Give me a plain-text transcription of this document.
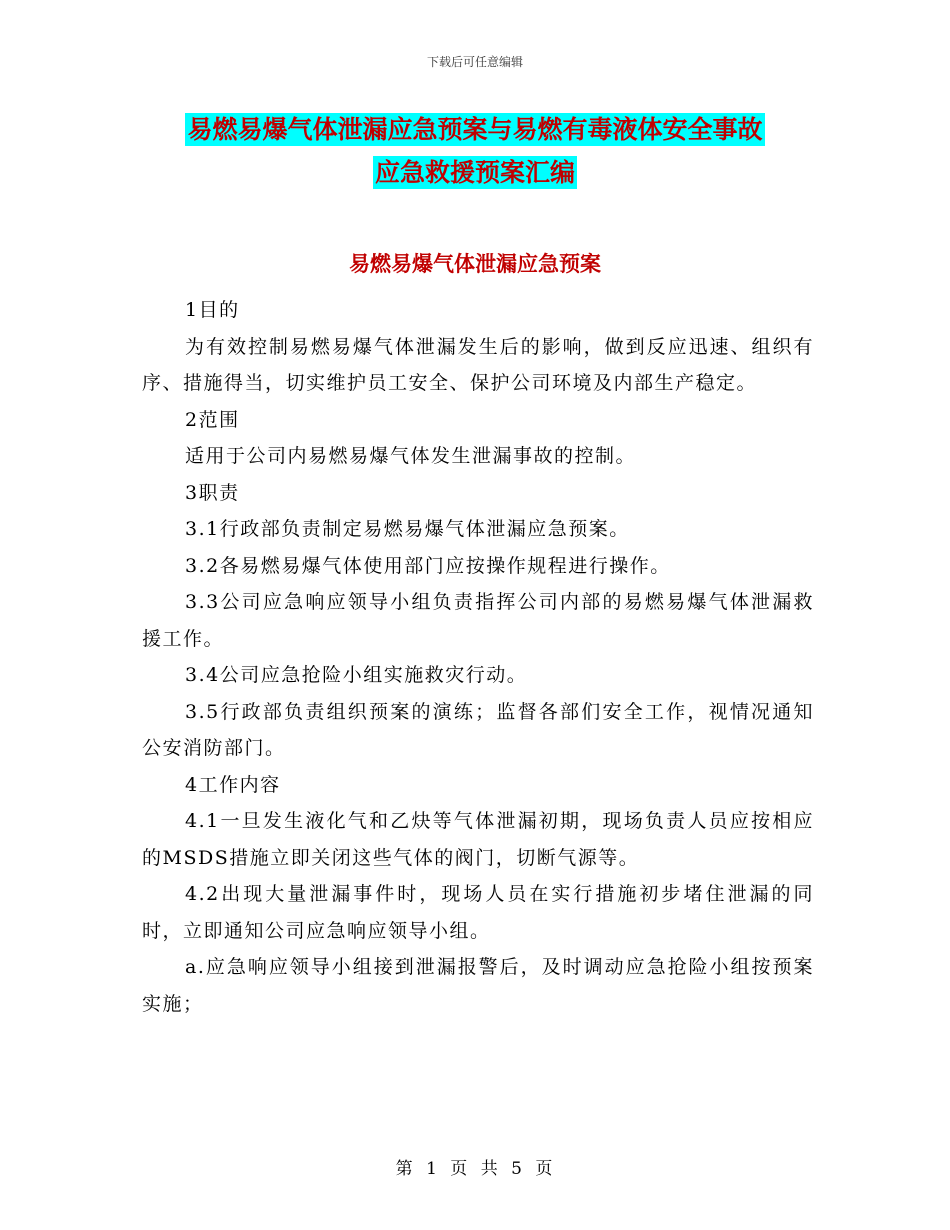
下载后可任意编辑
易燃易爆气体泄漏应急预案与易燃有毒液体安全事故
应急救援预案汇编
易燃易爆气体泄漏应急预案

1目的

为有效控制易燃易爆气体泄漏发生后的影响，做到反应迅速、组织有序、措施得当，切实维护员工安全、保护公司环境及内部生产稳定。

2范围

适用于公司内易燃易爆气体发生泄漏事故的控制。

3职责

3.1行政部负责制定易燃易爆气体泄漏应急预案。

3.2各易燃易爆气体使用部门应按操作规程进行操作。

3.3公司应急响应领导小组负责指挥公司内部的易燃易爆气体泄漏救援工作。

3.4公司应急抢险小组实施救灾行动。

3.5行政部负责组织预案的演练；监督各部们安全工作，视情况通知公安消防部门。

4工作内容

4.1一旦发生液化气和乙炔等气体泄漏初期，现场负责人员应按相应的MSDS措施立即关闭这些气体的阀门，切断气源等。

4.2出现大量泄漏事件时，现场人员在实行措施初步堵住泄漏的同时，立即通知公司应急响应领导小组。

a.应急响应领导小组接到泄漏报警后，及时调动应急抢险小组按预案实施；

第 1 页 共 5 页
